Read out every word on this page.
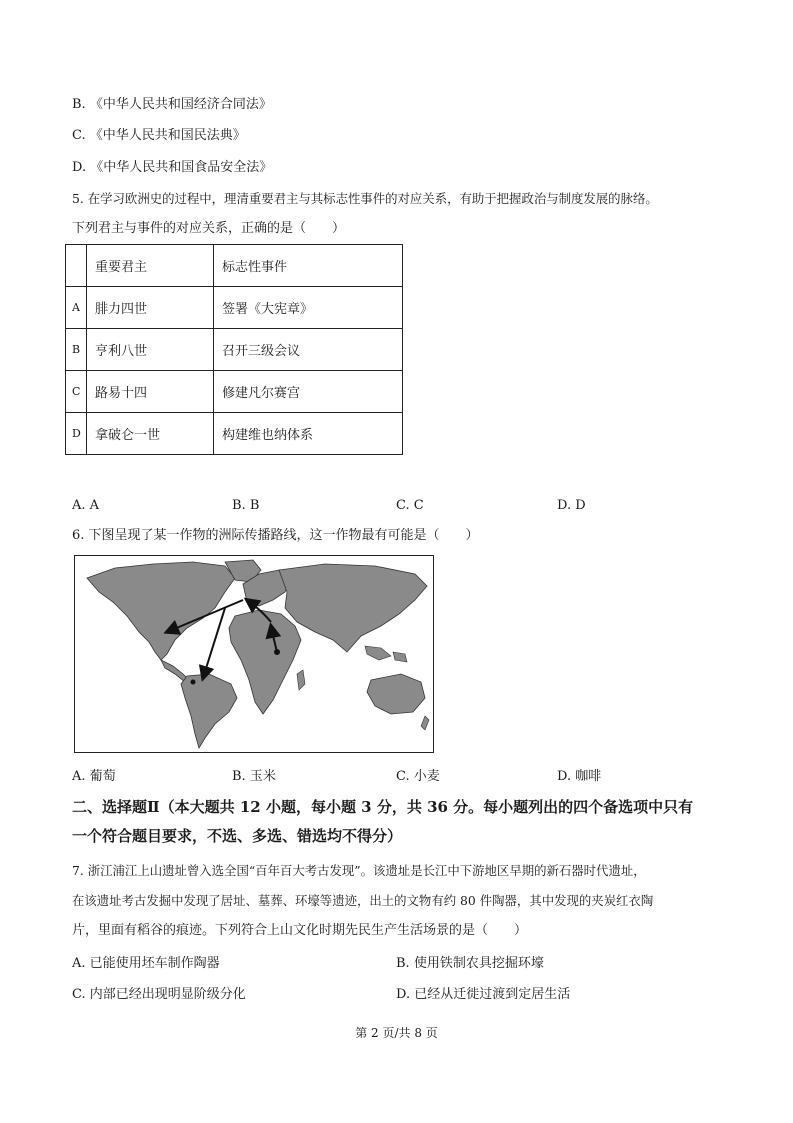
B. 《中华人民共和国经济合同法》
C. 《中华人民共和国民法典》
D. 《中华人民共和国食品安全法》
5. 在学习欧洲史的过程中，理清重要君主与其标志性事件的对应关系，有助于把握政治与制度发展的脉络。
下列君主与事件的对应关系，正确的是（　　）
	重要君主	标志性事件
A	腓力四世	签署《大宪章》
B	亨利八世	召开三级会议
C	路易十四	修建凡尔赛宫
D	拿破仑一世	构建维也纳体系
A. A	B. B	C. C	D. D
6. 下图呈现了某一作物的洲际传播路线，这一作物最有可能是（　　）
A. 葡萄	B. 玉米	C. 小麦	D. 咖啡
二、选择题Ⅱ（本大题共 12 小题，每小题 3 分，共 36 分。每小题列出的四个备选项中只有
一个符合题目要求，不选、多选、错选均不得分）
7. 浙江浦江上山遗址曾入选全国“百年百大考古发现”。该遗址是长江中下游地区早期的新石器时代遗址，
在该遗址考古发掘中发现了居址、墓葬、环壕等遗迹，出土的文物有约 80 件陶器，其中发现的夹炭红衣陶
片，里面有稻谷的痕迹。下列符合上山文化时期先民生产生活场景的是（　　）
A. 已能使用坯车制作陶器	B. 使用铁制农具挖掘环壕
C. 内部已经出现明显阶级分化	D. 已经从迁徙过渡到定居生活
第 2 页/共 8 页
